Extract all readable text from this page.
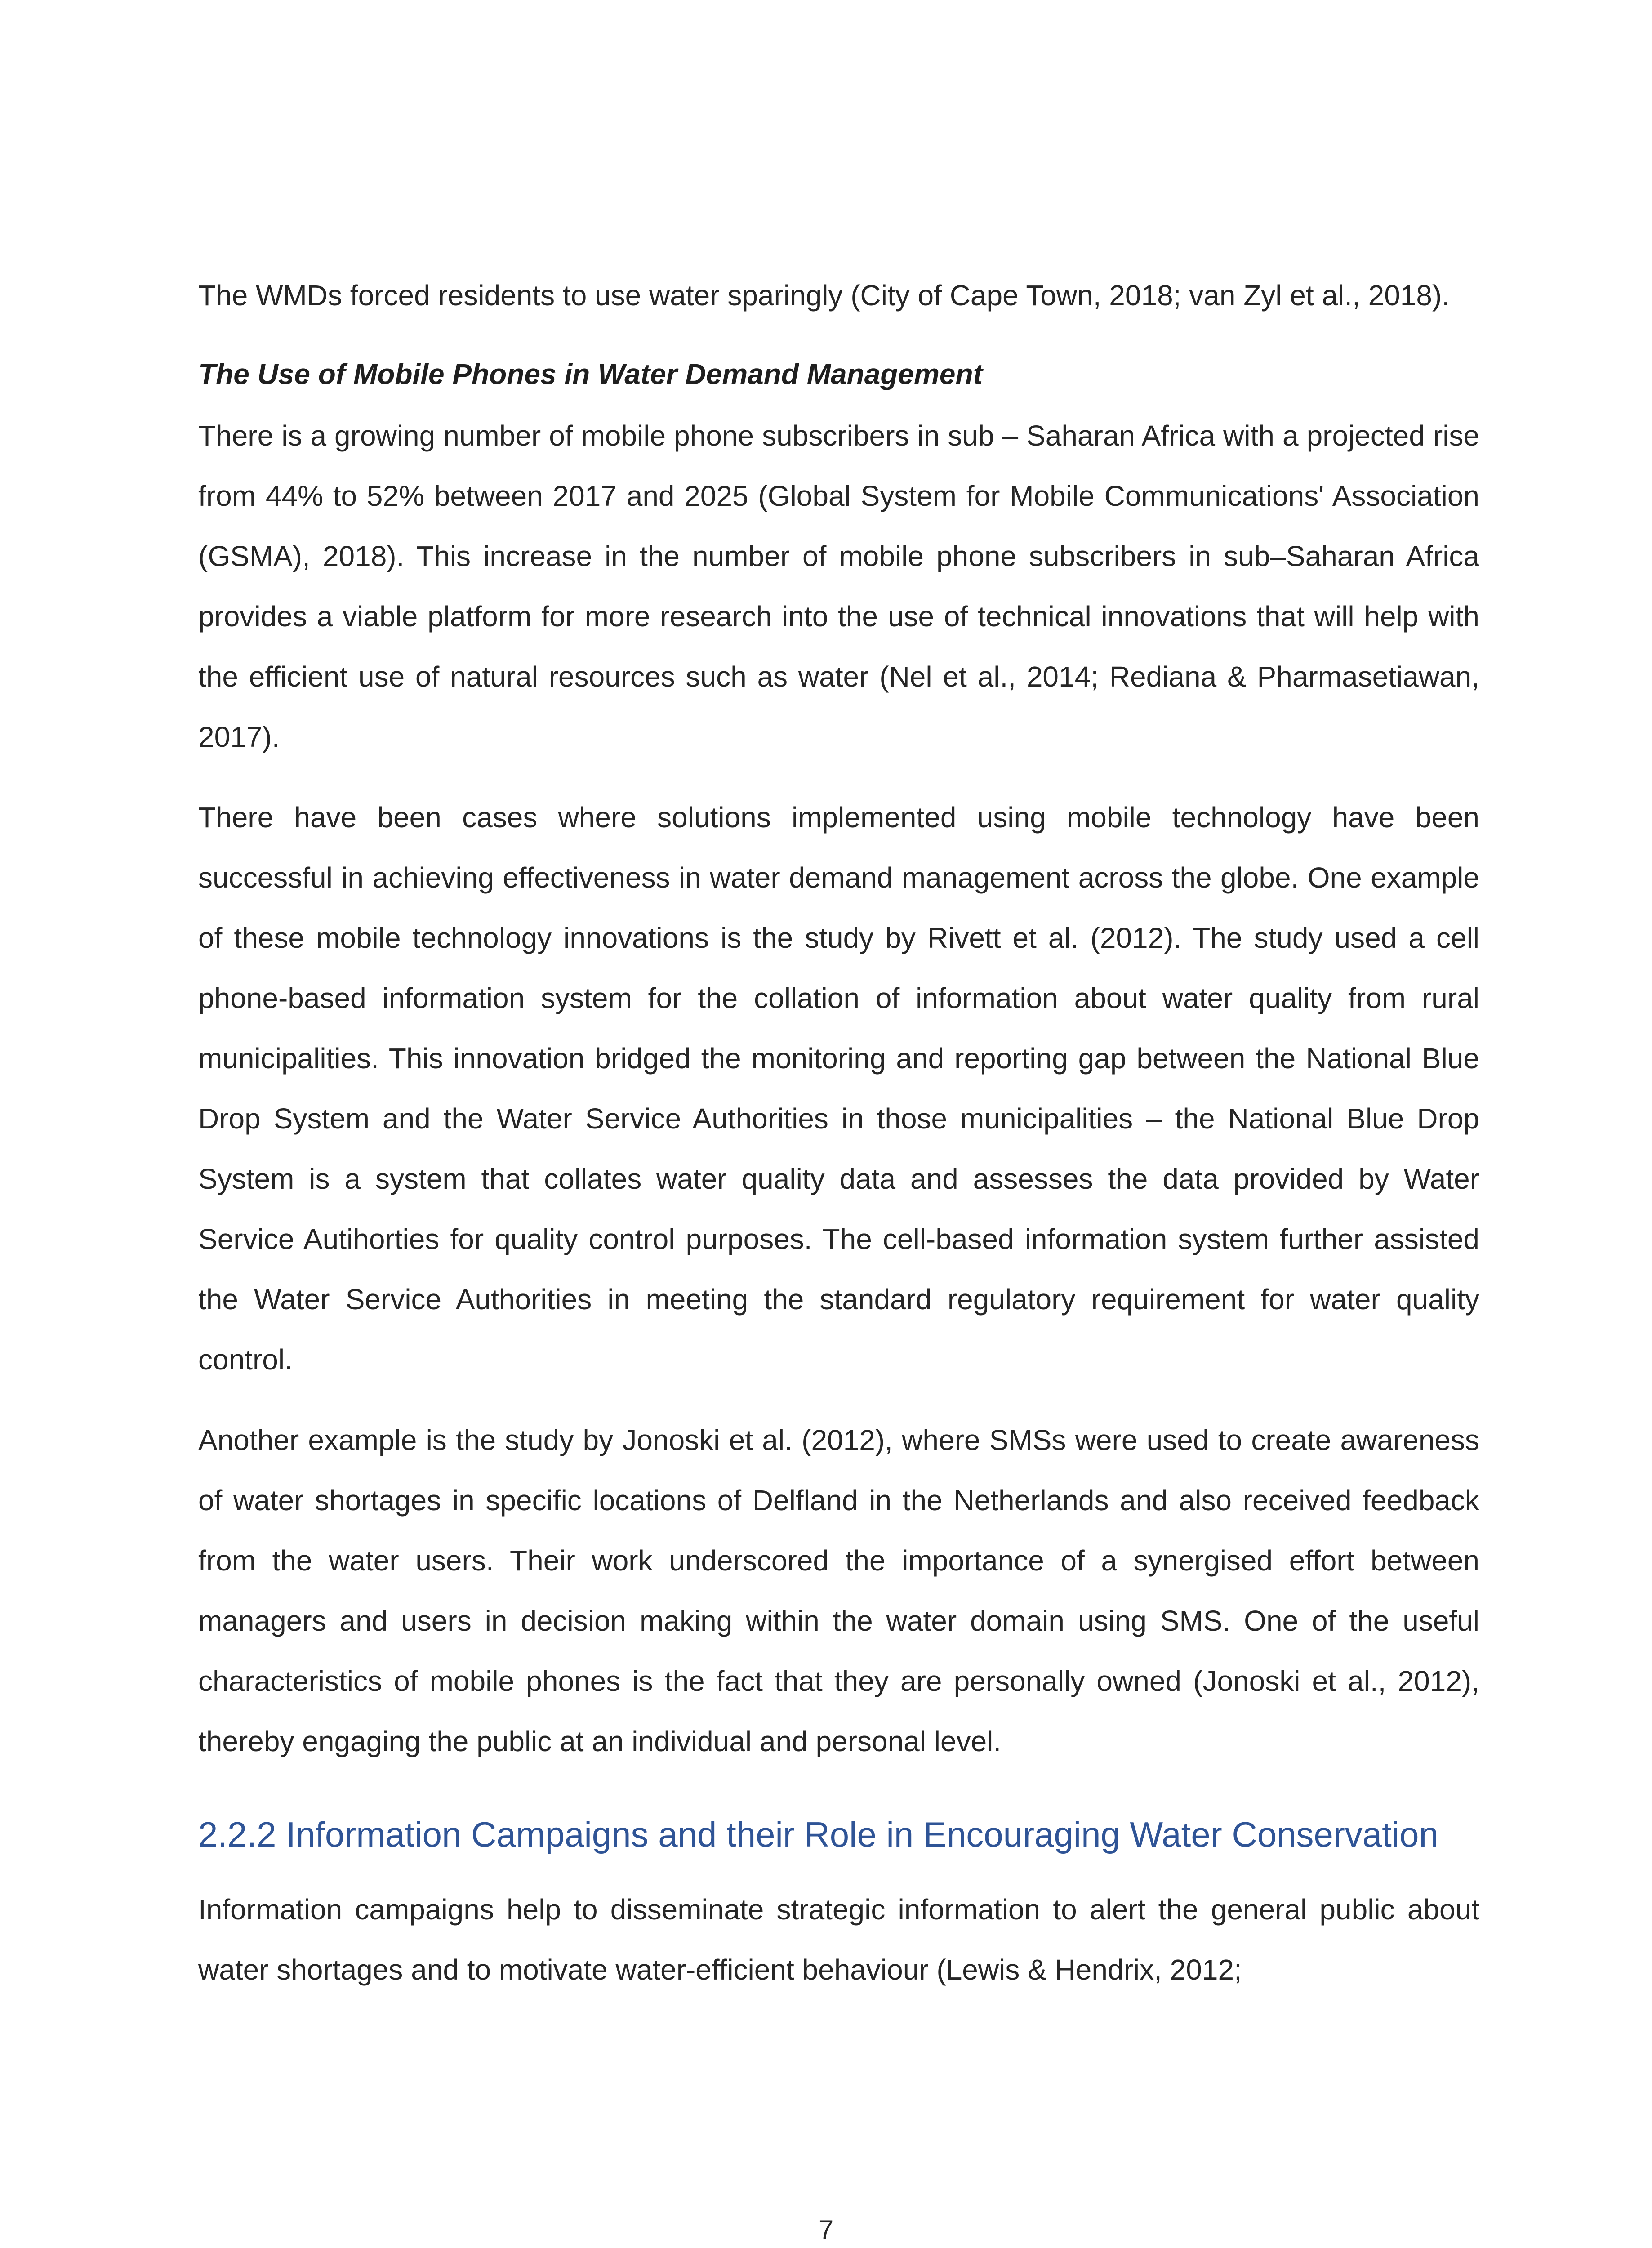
The WMDs forced residents to use water sparingly (City of Cape Town, 2018; van Zyl et al., 2018).

The Use of Mobile Phones in Water Demand Management

There is a growing number of mobile phone subscribers in sub – Saharan Africa with a projected rise from 44% to 52% between 2017 and 2025 (Global System for Mobile Communications' Association (GSMA), 2018). This increase in the number of mobile phone subscribers in sub–Saharan Africa provides a viable platform for more research into the use of technical innovations that will help with the efficient use of natural resources such as water (Nel et al., 2014; Rediana & Pharmasetiawan, 2017).

There have been cases where solutions implemented using mobile technology have been successful in achieving effectiveness in water demand management across the globe. One example of these mobile technology innovations is the study by Rivett et al. (2012). The study used a cell phone-based information system for the collation of information about water quality from rural municipalities. This innovation bridged the monitoring and reporting gap between the National Blue Drop System and the Water Service Authorities in those municipalities – the National Blue Drop System is a system that collates water quality data and assesses the data provided by Water Service Autihorties for quality control purposes. The cell-based information system further assisted the Water Service Authorities in meeting the standard regulatory requirement for water quality control.

Another example is the study by Jonoski et al. (2012), where SMSs were used to create awareness of water shortages in specific locations of Delfland in the Netherlands and also received feedback from the water users. Their work underscored the importance of a synergised effort between managers and users in decision making within the water domain using SMS. One of the useful characteristics of mobile phones is the fact that they are personally owned (Jonoski et al., 2012), thereby engaging the public at an individual and personal level.

2.2.2 Information Campaigns and their Role in Encouraging Water Conservation

Information campaigns help to disseminate strategic information to alert the general public about water shortages and to motivate water-efficient behaviour (Lewis & Hendrix, 2012;

7
